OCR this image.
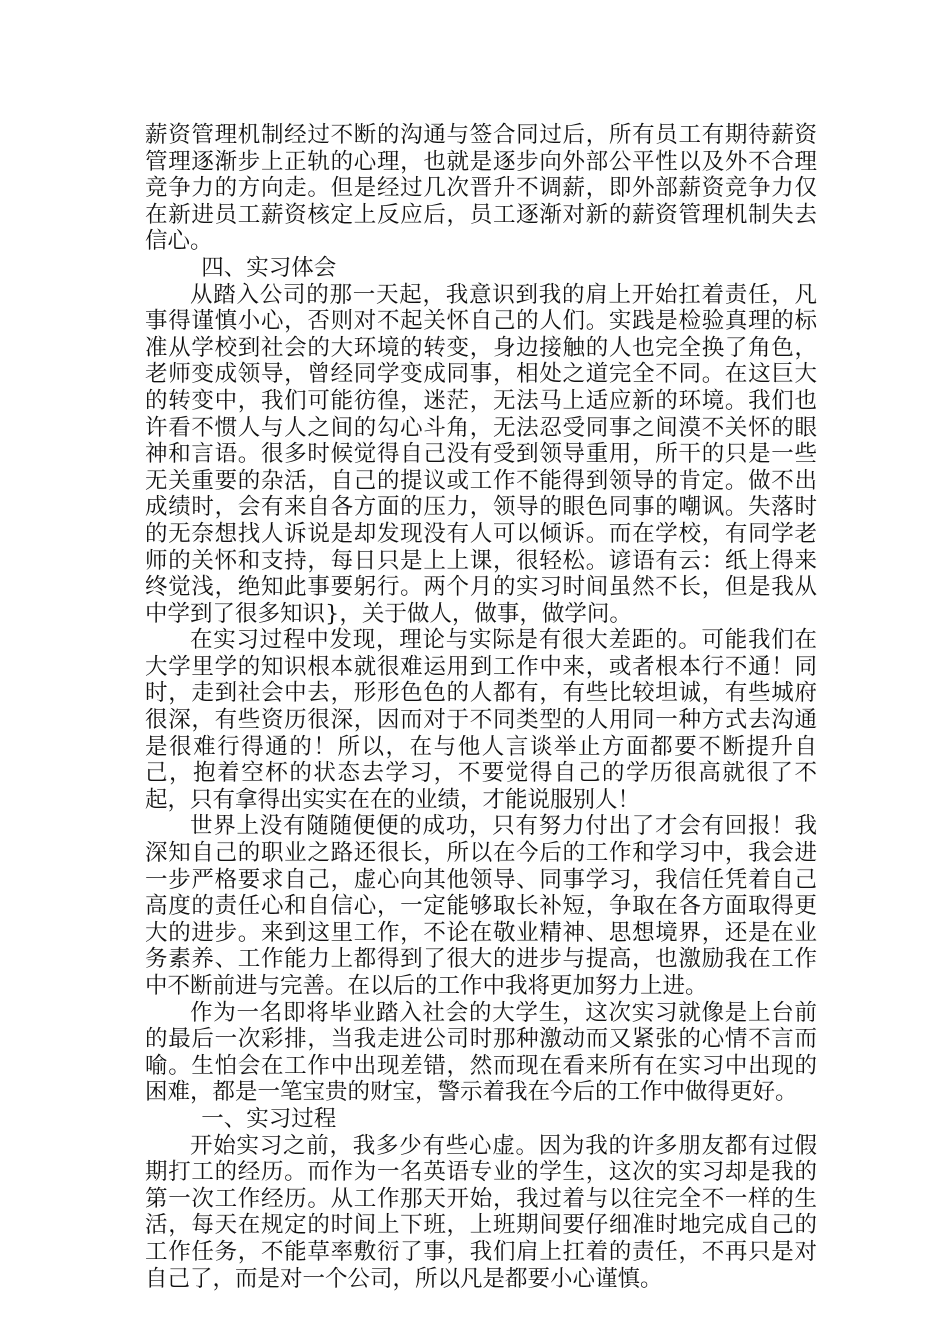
薪资管理机制经过不断的沟通与签合同过后，所有员工有期待薪资管理逐渐步上正轨的心理，也就是逐步向外部公平性以及外不合理竞争力的方向走。但是经过几次晋升不调薪，即外部薪资竞争力仅在新进员工薪资核定上反应后，员工逐渐对新的薪资管理机制失去信心。

四、实习体会

从踏入公司的那一天起，我意识到我的肩上开始扛着责任，凡事得谨慎小心，否则对不起关怀自己的人们。实践是检验真理的标准从学校到社会的大环境的转变，身边接触的人也完全换了角色，老师变成领导，曾经同学变成同事，相处之道完全不同。在这巨大的转变中，我们可能彷徨，迷茫，无法马上适应新的环境。我们也许看不惯人与人之间的勾心斗角，无法忍受同事之间漠不关怀的眼神和言语。很多时候觉得自己没有受到领导重用，所干的只是一些无关重要的杂活，自己的提议或工作不能得到领导的肯定。做不出成绩时，会有来自各方面的压力，领导的眼色同事的嘲讽。失落时的无奈想找人诉说是却发现没有人可以倾诉。而在学校，有同学老师的关怀和支持，每日只是上上课，很轻松。谚语有云：纸上得来终觉浅，绝知此事要躬行。两个月的实习时间虽然不长，但是我从中学到了很多知识}，关于做人，做事，做学问。

在实习过程中发现，理论与实际是有很大差距的。可能我们在大学里学的知识根本就很难运用到工作中来，或者根本行不通！同时，走到社会中去，形形色色的人都有，有些比较坦诚，有些城府很深，有些资历很深，因而对于不同类型的人用同一种方式去沟通是很难行得通的！所以，在与他人言谈举止方面都要不断提升自己，抱着空杯的状态去学习，不要觉得自己的学历很高就很了不起，只有拿得出实实在在的业绩，才能说服别人！

世界上没有随随便便的成功，只有努力付出了才会有回报！我深知自己的职业之路还很长，所以在今后的工作和学习中，我会进一步严格要求自己，虚心向其他领导、同事学习，我信任凭着自己高度的责任心和自信心，一定能够取长补短，争取在各方面取得更大的进步。来到这里工作，不论在敬业精神、思想境界，还是在业务素养、工作能力上都得到了很大的进步与提高，也激励我在工作中不断前进与完善。在以后的工作中我将更加努力上进。

作为一名即将毕业踏入社会的大学生，这次实习就像是上台前的最后一次彩排，当我走进公司时那种激动而又紧张的心情不言而喻。生怕会在工作中出现差错，然而现在看来所有在实习中出现的困难，都是一笔宝贵的财宝，警示着我在今后的工作中做得更好。

一、实习过程

开始实习之前，我多少有些心虚。因为我的许多朋友都有过假期打工的经历。而作为一名英语专业的学生，这次的实习却是我的第一次工作经历。从工作那天开始，我过着与以往完全不一样的生活，每天在规定的时间上下班，上班期间要仔细准时地完成自己的工作任务，不能草率敷衍了事，我们肩上扛着的责任，不再只是对自己了，而是对一个公司，所以凡是都要小心谨慎。
